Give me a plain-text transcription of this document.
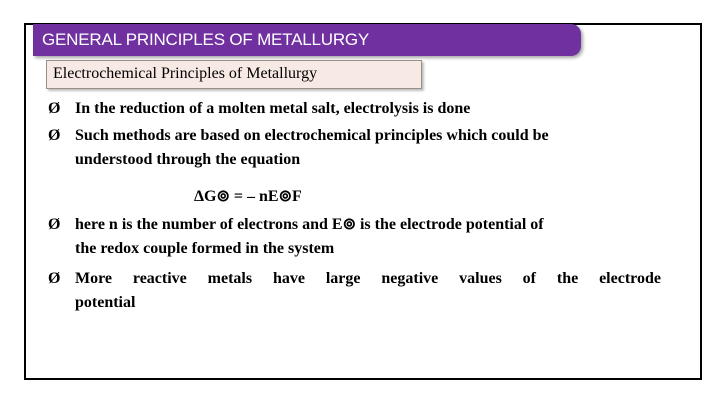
GENERAL PRINCIPLES OF METALLURGY
Electrochemical Principles of Metallurgy
Ø In the reduction of a molten metal salt, electrolysis is done
Ø Such methods are based on electrochemical principles which could be
understood through the equation
ΔG⊚ = – nE⊚F
Ø here n is the number of electrons and E⊚ is the electrode potential of
the redox couple formed in the system
Ø More reactive metals have large negative values of the electrode
potential
